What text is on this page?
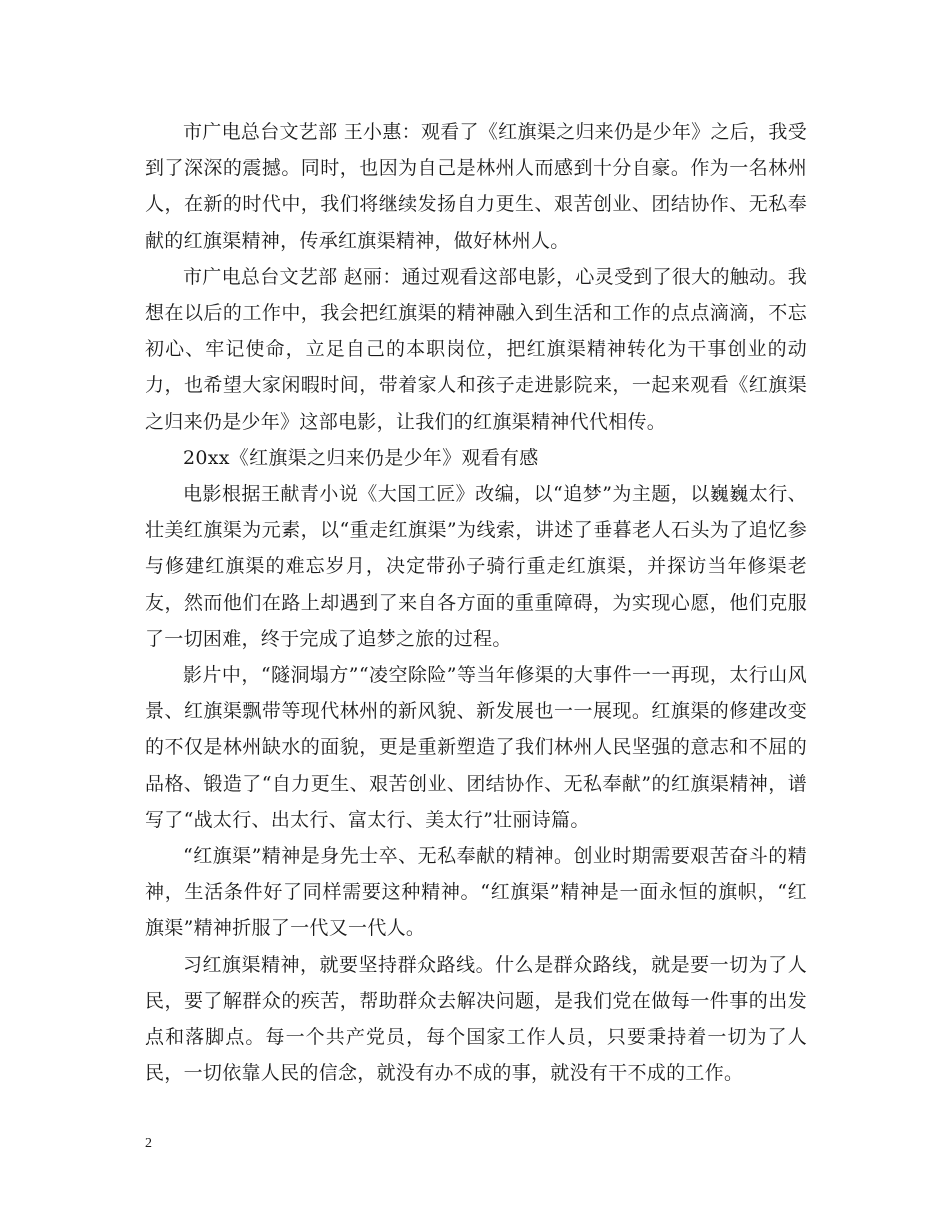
市广电总台文艺部 王小惠：观看了《红旗渠之归来仍是少年》之后，我受到了深深的震撼。同时，也因为自己是林州人而感到十分自豪。作为一名林州人，在新的时代中，我们将继续发扬自力更生、艰苦创业、团结协作、无私奉献的红旗渠精神，传承红旗渠精神，做好林州人。

市广电总台文艺部 赵丽：通过观看这部电影，心灵受到了很大的触动。我想在以后的工作中，我会把红旗渠的精神融入到生活和工作的点点滴滴，不忘初心、牢记使命，立足自己的本职岗位，把红旗渠精神转化为干事创业的动力，也希望大家闲暇时间，带着家人和孩子走进影院来，一起来观看《红旗渠之归来仍是少年》这部电影，让我们的红旗渠精神代代相传。

20xx《红旗渠之归来仍是少年》观看有感

电影根据王献青小说《大国工匠》改编，以“追梦”为主题，以巍巍太行、壮美红旗渠为元素，以“重走红旗渠”为线索，讲述了垂暮老人石头为了追忆参与修建红旗渠的难忘岁月，决定带孙子骑行重走红旗渠，并探访当年修渠老友，然而他们在路上却遇到了来自各方面的重重障碍，为实现心愿，他们克服了一切困难，终于完成了追梦之旅的过程。

影片中，“隧洞塌方”“凌空除险”等当年修渠的大事件一一再现，太行山风景、红旗渠飘带等现代林州的新风貌、新发展也一一展现。红旗渠的修建改变的不仅是林州缺水的面貌，更是重新塑造了我们林州人民坚强的意志和不屈的品格、锻造了“自力更生、艰苦创业、团结协作、无私奉献”的红旗渠精神，谱写了“战太行、出太行、富太行、美太行”壮丽诗篇。

“红旗渠”精神是身先士卒、无私奉献的精神。创业时期需要艰苦奋斗的精神，生活条件好了同样需要这种精神。“红旗渠”精神是一面永恒的旗帜，“红旗渠”精神折服了一代又一代人。

习红旗渠精神，就要坚持群众路线。什么是群众路线，就是要一切为了人民，要了解群众的疾苦，帮助群众去解决问题，是我们党在做每一件事的出发点和落脚点。每一个共产党员，每个国家工作人员，只要秉持着一切为了人民，一切依靠人民的信念，就没有办不成的事，就没有干不成的工作。

2
